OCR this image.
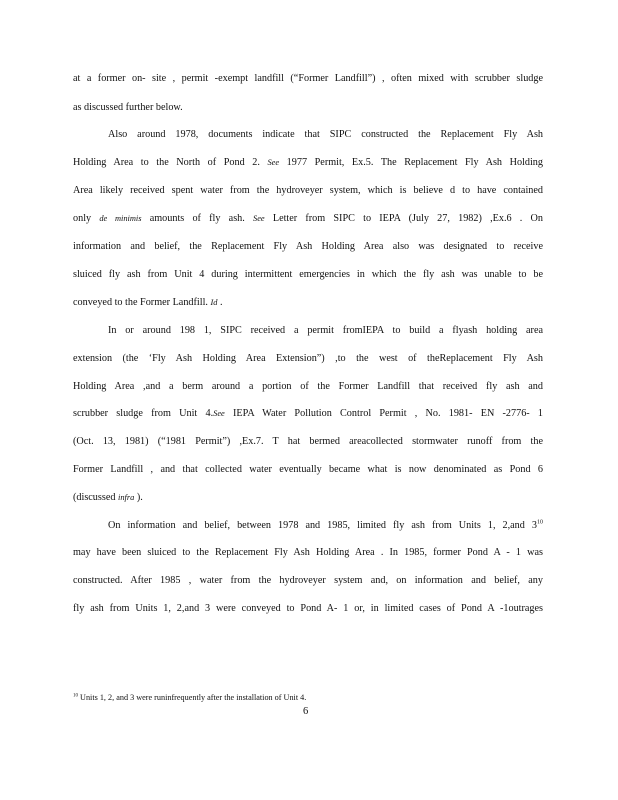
at a former on- site , permit -exempt landfill (“Former Landfill”) , often mixed with scrubber sludge
as discussed further below.
Also around 1978, documents indicate that SIPC constructed the Replacement Fly Ash
Holding Area to the North of Pond 2. See 1977 Permit, Ex.5. The Replacement Fly Ash Holding
Area likely received spent water from the hydroveyer system, which is believe d to have contained
only de minimis amounts of fly ash. See Letter from SIPC to IEPA (July 27, 1982) ,Ex.6 . On
information and belief, the Replacement Fly Ash Holding Area also was designated to receive
sluiced fly ash from Unit 4 during intermittent emergencies in which the fly ash was unable to be
conveyed to the Former Landfill. Id .
In or around 198 1, SIPC received a permit fromIEPA to build a flyash holding area
extension (the ‘Fly Ash Holding Area Extension”) ,to the west of theReplacement Fly Ash
Holding Area ,and a berm around a portion of the Former Landfill that received fly ash and
scrubber sludge from Unit 4.See IEPA Water Pollution Control Permit , No. 1981- EN -2776- 1
(Oct. 13, 1981) (“1981 Permit”) ,Ex.7. T hat bermed areacollected stormwater runoff from the
Former Landfill , and that collected water eventually became what is now denominated as Pond 6
(discussed infra ).
On information and belief, between 1978 and 1985, limited fly ash from Units 1, 2,and $3^{10}$
may have been sluiced to the Replacement Fly Ash Holding Area . In 1985, former Pond A - 1 was
constructed. After 1985 , water from the hydroveyer system and, on information and belief, any
fly ash from Units 1, 2,and 3 were conveyed to Pond A- 1 or, in limited cases of Pond A -1outrages
$^{10}$ Units 1, 2, and 3 were runinfrequently after the installation of Unit 4.
6
